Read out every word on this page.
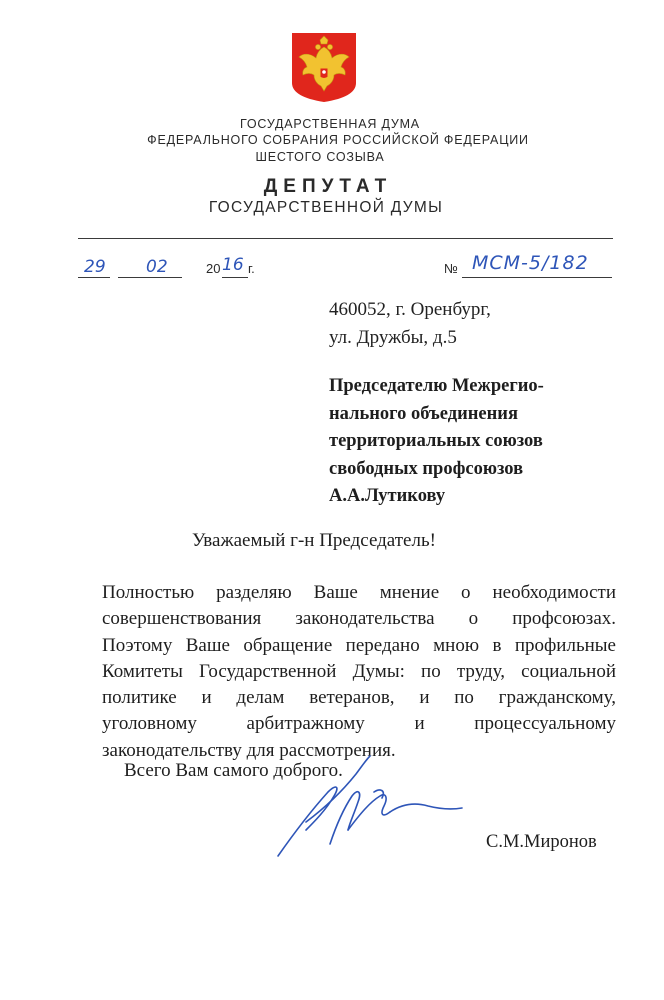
ГОСУДАРСТВЕННАЯ ДУМА
ФЕДЕРАЛЬНОГО СОБРАНИЯ РОССИЙСКОЙ ФЕДЕРАЦИИ
ШЕСТОГО СОЗЫВА
ДЕПУТАТ
ГОСУДАРСТВЕННОЙ ДУМЫ
29 02	20 16 г.	№ МСМ-5/182
460052, г. Оренбург,
ул. Дружбы, д.5
Председателю Межрегио-
нального объединения
территориальных союзов
свободных профсоюзов
А.А.Лутикову
Уважаемый г-н Председатель!
Полностью разделяю Ваше мнение о необходимости
совершенствования законодательства о профсоюзах.
Поэтому Ваше обращение передано мною в профильные
Комитеты Государственной Думы: по труду, социальной
политике и делам ветеранов, и по гражданскому,
уголовному арбитражному и процессуальному
законодательству для рассмотрения.
Всего Вам самого доброго.
С.М.Миронов
